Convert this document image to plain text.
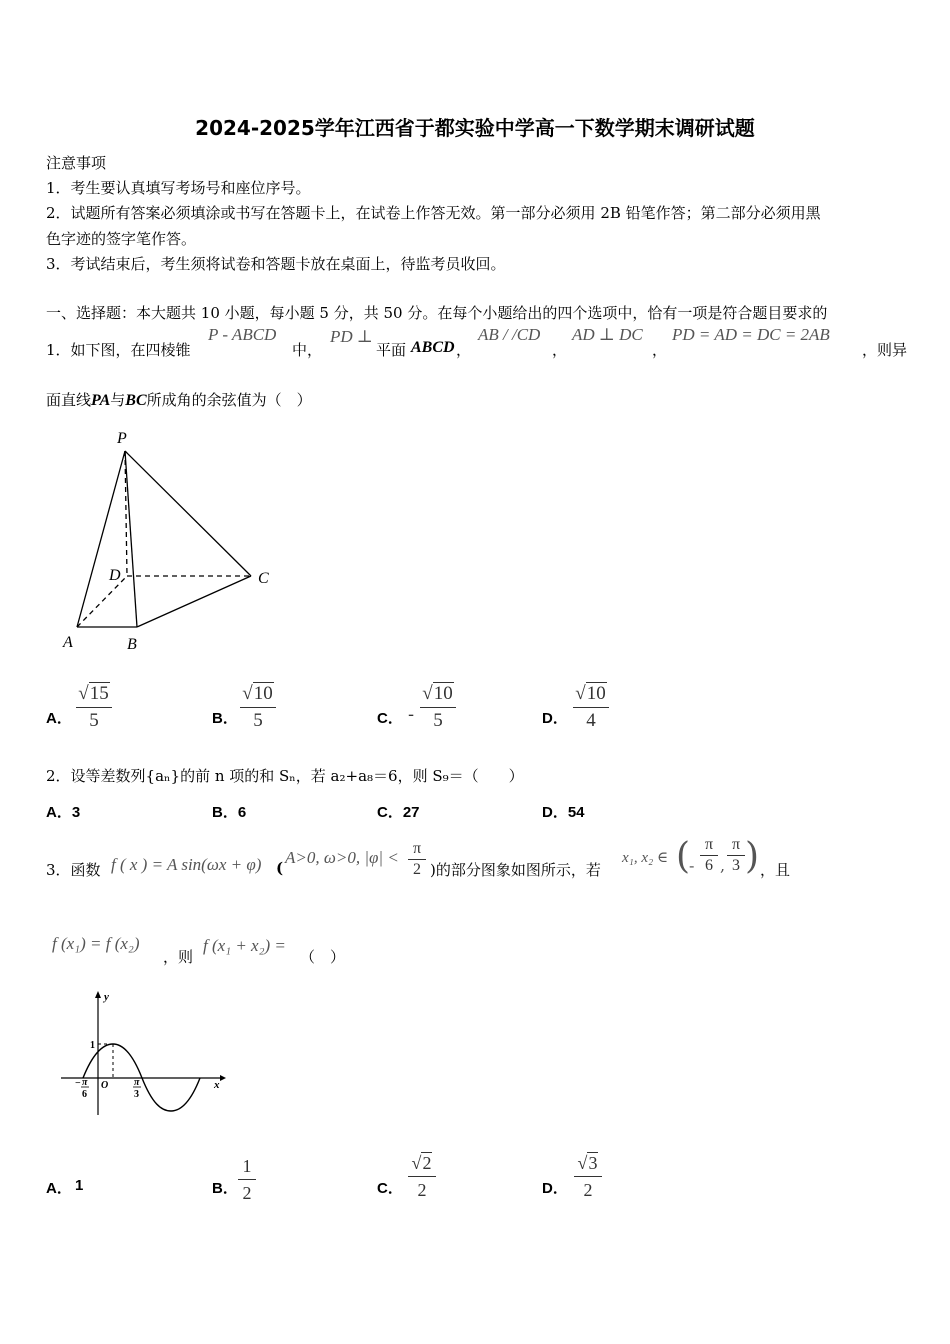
2024-2025学年江西省于都实验中学高一下数学期末调研试题
注意事项
1．考生要认真填写考场号和座位序号。
2．试题所有答案必须填涂或书写在答题卡上，在试卷上作答无效。第一部分必须用 2B 铅笔作答；第二部分必须用黑
色字迹的签字笔作答。
3．考试结束后，考生须将试卷和答题卡放在桌面上，待监考员收回。
一、选择题：本大题共 10 小题，每小题 5 分，共 50 分。在每个小题给出的四个选项中，恰有一项是符合题目要求的
1．如下图，在四棱锥
P - ABCD
中，
PD ⊥
平面 ABCD ，
AB / /CD
，
AD ⊥ DC
，
PD = AD = DC = 2AB
，则异
面直线PA与BC所成角的余弦值为（　）
P
D	C
A	B
A．
√15
5	B．
√10
5	C． -
√10
5	D．
√10
4
2．设等差数列{aₙ}的前 n 项的和 Sₙ，若 a₂+a₈＝6，则 S₉＝（　　）
A．3	B．6	C．27	D．54
3．函数 f ( x ) = A sin(ωx + φ) (
A>0, ω>0, |φ| < π
2 )的部分图象如图所示，若
x₁, x₂ ∈ (
-
π
6 ,
π
3 ) ，且
f (x₁) = f (x₂)
，则
f (x₁ + x₂) =
（　）
y
x
1
O
− π
6
π
3
A． 1	B．
1
2	C．
√2
2	D．
√3
2
